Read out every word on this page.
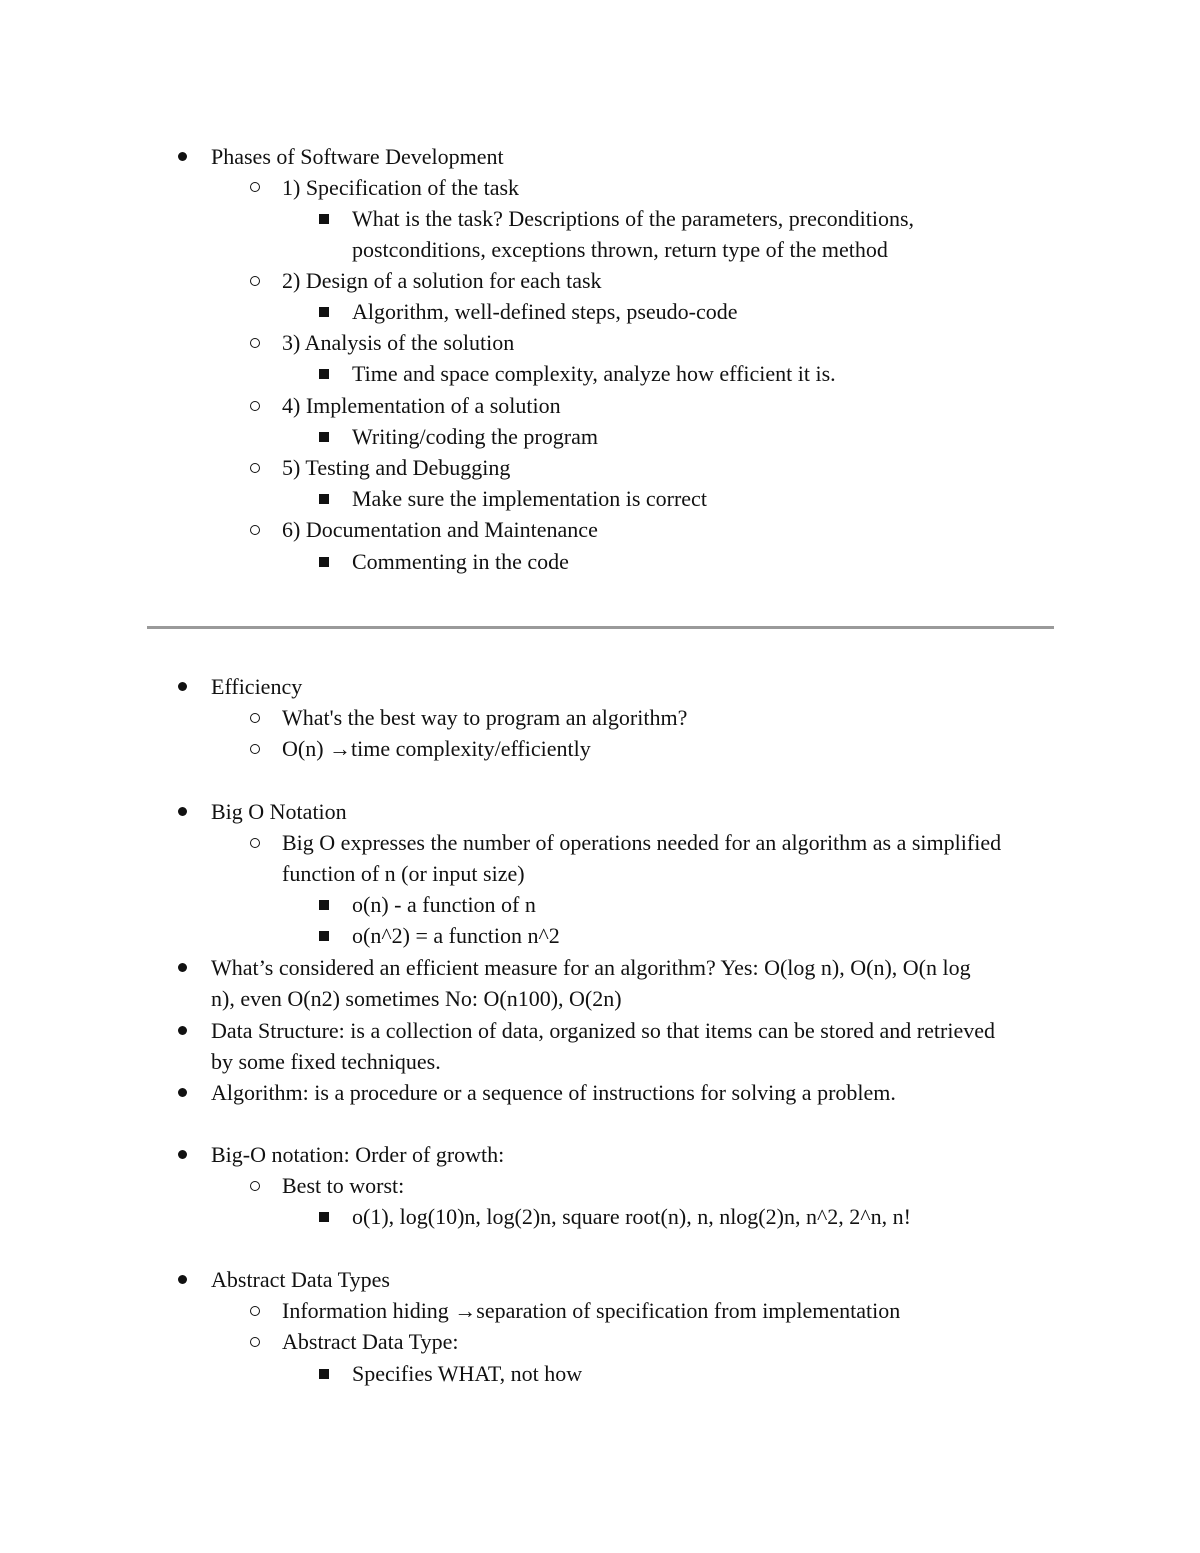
Phases of Software Development
1) Specification of the task
What is the task? Descriptions of the parameters, preconditions,
postconditions, exceptions thrown, return type of the method
2) Design of a solution for each task
Algorithm, well-defined steps, pseudo-code
3) Analysis of the solution
Time and space complexity, analyze how efficient it is.
4) Implementation of a solution
Writing/coding the program
5) Testing and Debugging
Make sure the implementation is correct
6) Documentation and Maintenance
Commenting in the code
Efficiency
What's the best way to program an algorithm?
O(n) →time complexity/efficiently
Big O Notation
Big O expresses the number of operations needed for an algorithm as a simplified
function of n (or input size)
o(n) - a function of n
o(n^2) = a function n^2
What’s considered an efficient measure for an algorithm? Yes: O(log n), O(n), O(n log
n), even O(n2) sometimes No: O(n100), O(2n)
Data Structure: is a collection of data, organized so that items can be stored and retrieved
by some fixed techniques.
Algorithm: is a procedure or a sequence of instructions for solving a problem.
Big-O notation: Order of growth:
Best to worst:
o(1), log(10)n, log(2)n, square root(n), n, nlog(2)n, n^2, 2^n, n!
Abstract Data Types
Information hiding →separation of specification from implementation
Abstract Data Type:
Specifies WHAT, not how
